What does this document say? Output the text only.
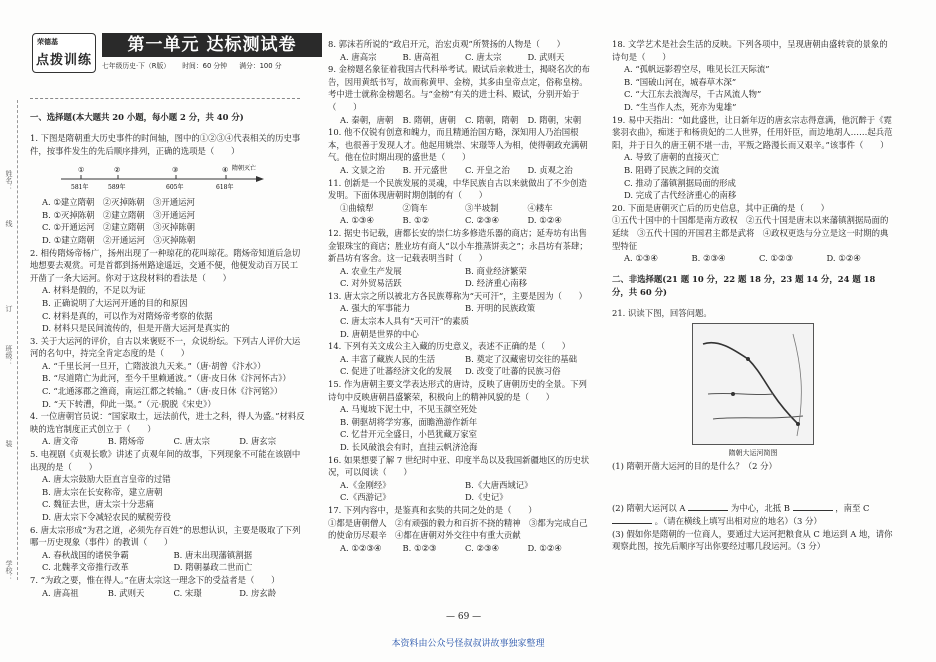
姓名：
线
订
班级：
装
学校：
荣德基
点拨训练
第一单元 达标测试卷
七年级历史·下（R版） 时间：60 分钟 满分：100 分

一、选择题(本大题共 20 小题，每小题 2 分，共 40 分)

1. 下图是隋朝重大历史事件的时间轴，图中的①②③④代表相关的历史事件，按事件发生的先后顺序排列，正确的选项是（　　）

581年	589年	605年	618年
①	②	③	④ 隋朝灭亡
A. ①建立隋朝　②灭掉陈朝　③开通运河
B. ①灭掉陈朝　②建立隋朝　③开通运河
C. ①开通运河　②建立隋朝　③灭掉陈朝
D. ①建立隋朝　②开通运河　③灭掉陈朝

2. 相传隋炀帝杨广，扬州出现了一种琼花的花叫琼花。隋炀帝知道后急切地想要去观赏。可是首都到扬州路途遥远，交通不便，他便发动百万民工开凿了一条大运河。你对于这段材料的看法是（　　）

A. 材料是假的，不足以为证
B. 正确说明了大运河开通的目的和原因
C. 材料是真的，可以作为对隋炀帝考察的依据
D. 材料只是民间流传的，但是开凿大运河是真实的

3. 关于大运河的评价，自古以来褒贬不一，众说纷纭。下列古人评价大运河的名句中，持完全肯定态度的是（　　）

A. “千里长河一旦开，亡隋波浪九天来。”（唐·胡曾《汴水》）
B. “尽道隋亡为此河，至今千里赖通波。”（唐·皮日休《汴河怀古》）
C. “北通涿郡之渔商，南运江都之转输。”（唐·皮日休《汴河铭》）
D. “天下转漕，仰此一渠。”（元·脱脱《宋史》）

4. 一位唐朝官员说：“国家取士，远法前代，进士之科，得人为盛。”材料反映的选官制度正式创立于（　　）

A. 唐文帝	B. 隋炀帝	C. 唐太宗	D. 唐玄宗

5. 电视剧《贞观长歌》讲述了贞观年间的故事，下列现象不可能在该剧中出现的是（　　）

A. 唐太宗鼓励大臣直言皇帝的过错
B. 唐太宗在长安称帝，建立唐朝
C. 魏征去世，唐太宗十分悲痛
D. 唐太宗下令减轻农民的赋税劳役

6. 唐太宗形成“为君之道，必须先存百姓”的思想认识，主要是吸取了下列哪一历史现象（事件）的教训（　　）

A. 春秋战国的诸侯争霸	B. 唐末出现藩镇割据
C. 北魏孝文帝推行改革	D. 隋朝暴政二世而亡

7. “为政之要，惟在得人。”在唐太宗这一理念下的受益者是（　　）

A. 唐高祖	B. 武则天	C. 宋璟	D. 房玄龄

8. 郭沫若所说的“政启开元，治宏贞观”所赞扬的人物是（　　）

A. 唐高宗	B. 唐高祖	C. 唐太宗	D. 武则天

9. 金榜题名象征着我国古代科举考试。殿试后亲敕进士，揭晓名次的布告，因用黄纸书写，故而称黄甲、金榜，其多由皇帝点定，俗称皇榜。考中进士就称金榜题名。与“金榜”有关的进士科、殿试，分别开始于（　　）

A. 秦朝，唐朝	B. 隋朝，唐朝	C. 隋朝，隋朝	D. 隋朝，宋朝

10. 他不仅锐有创意和魄力，而且精通治国方略，深知用人乃治国根本，也很善于发现人才。他起用姚崇、宋璟等人为相，使得朝政充满朝气。他在位时期出现的盛世是（　　）

A. 文景之治	B. 开元盛世	C. 开皇之治	D. 贞观之治

11. 创新是一个民族发展的灵魂，中华民族自古以来就做出了不少创造发明。下面体现唐朝时期创制的有（　　）

①曲辕犁	②筒车	③半坡制	④耧车
A. ①③④	B. ①②	C. ②③④	D. ①②④

12. 据史书记载，唐都长安的崇仁坊多修造乐器的商店；延寿坊有出售金银珠宝的商店；胜业坊有商人“以小车推蒸饼卖之”；永昌坊有茶肆；新昌坊有客舍。这一记载表明当时（　　）

A. 农业生产发展	B. 商业经济繁荣
C. 对外贸易活跃	D. 经济重心南移

13. 唐太宗之所以被北方各民族尊称为“天可汗”，主要是因为（　　）

A. 强大的军事能力	B. 开明的民族政策
C. 唐太宗本人具有“天可汗”的素质
D. 唐朝是世界的中心

14. 下列有关文成公主入藏的历史意义，表述不正确的是（　　）

A. 丰富了藏族人民的生活	B. 奠定了汉藏密切交往的基础
C. 促进了吐蕃经济文化的发展	D. 改变了吐蕃的民族习俗

15. 作为唐朝主要文学表达形式的唐诗，反映了唐朝历史的全景。下列诗句中反映唐朝昌盛繁荣，积极向上的精神风貌的是（　　）

A. 马嵬坡下泥土中，不见玉颜空死处
B. 朝驱胡将学穷寡，面瞻渔游作新年
C. 忆昔开元全盛日，小邑犹藏万家室
D. 长风破浪会有时，直挂云帆济沧海

16. 如果想要了解 7 世纪时中亚、印度半岛以及我国新疆地区的历史状况，可以阅读（　　）

A.《金刚经》	B.《大唐西域记》
C.《西游记》	D.《史记》

17. 下列内容中，是鉴真和玄奘的共同之处的是（　　）

①都是唐朝僧人　②有顽强的毅力和百折不挠的精神　③都为完成自己的使命历尽艰辛　④都在唐朝对外交往中有重大贡献

A. ①②③④	B. ①②③	C. ②③④	D. ①②④

18. 文学艺术是社会生活的反映。下列各项中，呈现唐朝由盛转衰的景象的诗句是（　　）

A. “孤帆远影碧空尽，唯见长江天际流”
B. “国破山河在，城春草木深”
C. “大江东去浪淘尽，千古风流人物”
D. “生当作人杰，死亦为鬼雄”

19. 易中天指出：“如此盛世，让日新年迈的唐玄宗志得意满，他沉醉于《霓裳羽衣曲》，痴迷于和杨贵妃的二人世界，任用奸臣，而边地胡人……起兵范阳，并于日久的唐王朝不堪一击，平叛之路漫长而又艰辛。”该事件（　　）

A. 导致了唐朝的直接灭亡
B. 阻碍了民族之间的交流
C. 推动了藩镇割据局面的形成
D. 完成了古代经济重心的南移

20. 下面是唐朝灭亡后的历史信息，其中正确的是（　　）

①五代十国中的十国都是南方政权　②五代十国是唐末以来藩镇割据局面的延续　③五代十国的开国君主都是武将　④政权更迭与分立是这一时期的典型特征

A. ①③④	B. ②③④	C. ①②③	D. ①②④

二、非选择题(21 题 10 分，22 题 18 分，23 题 14 分，24 题 18 分，共 60 分)

21. 识读下图，回答问题。

隋朝大运河简图

(1) 隋朝开凿大运河的目的是什么？（2 分）

(2) 隋朝大运河以 A	为中心，北抵 B	，南至 C  。（请在横线上填写出相对应的地名）（3 分）

(3) 假如你是隋朝的一位商人，要通过大运河把粮食从 C 地运到 A 地，请你观察此图，按先后顺序写出你要经过哪几段运河。（3 分）

— 69 —
本资料由公众号怪叔叔讲故事独家整理
